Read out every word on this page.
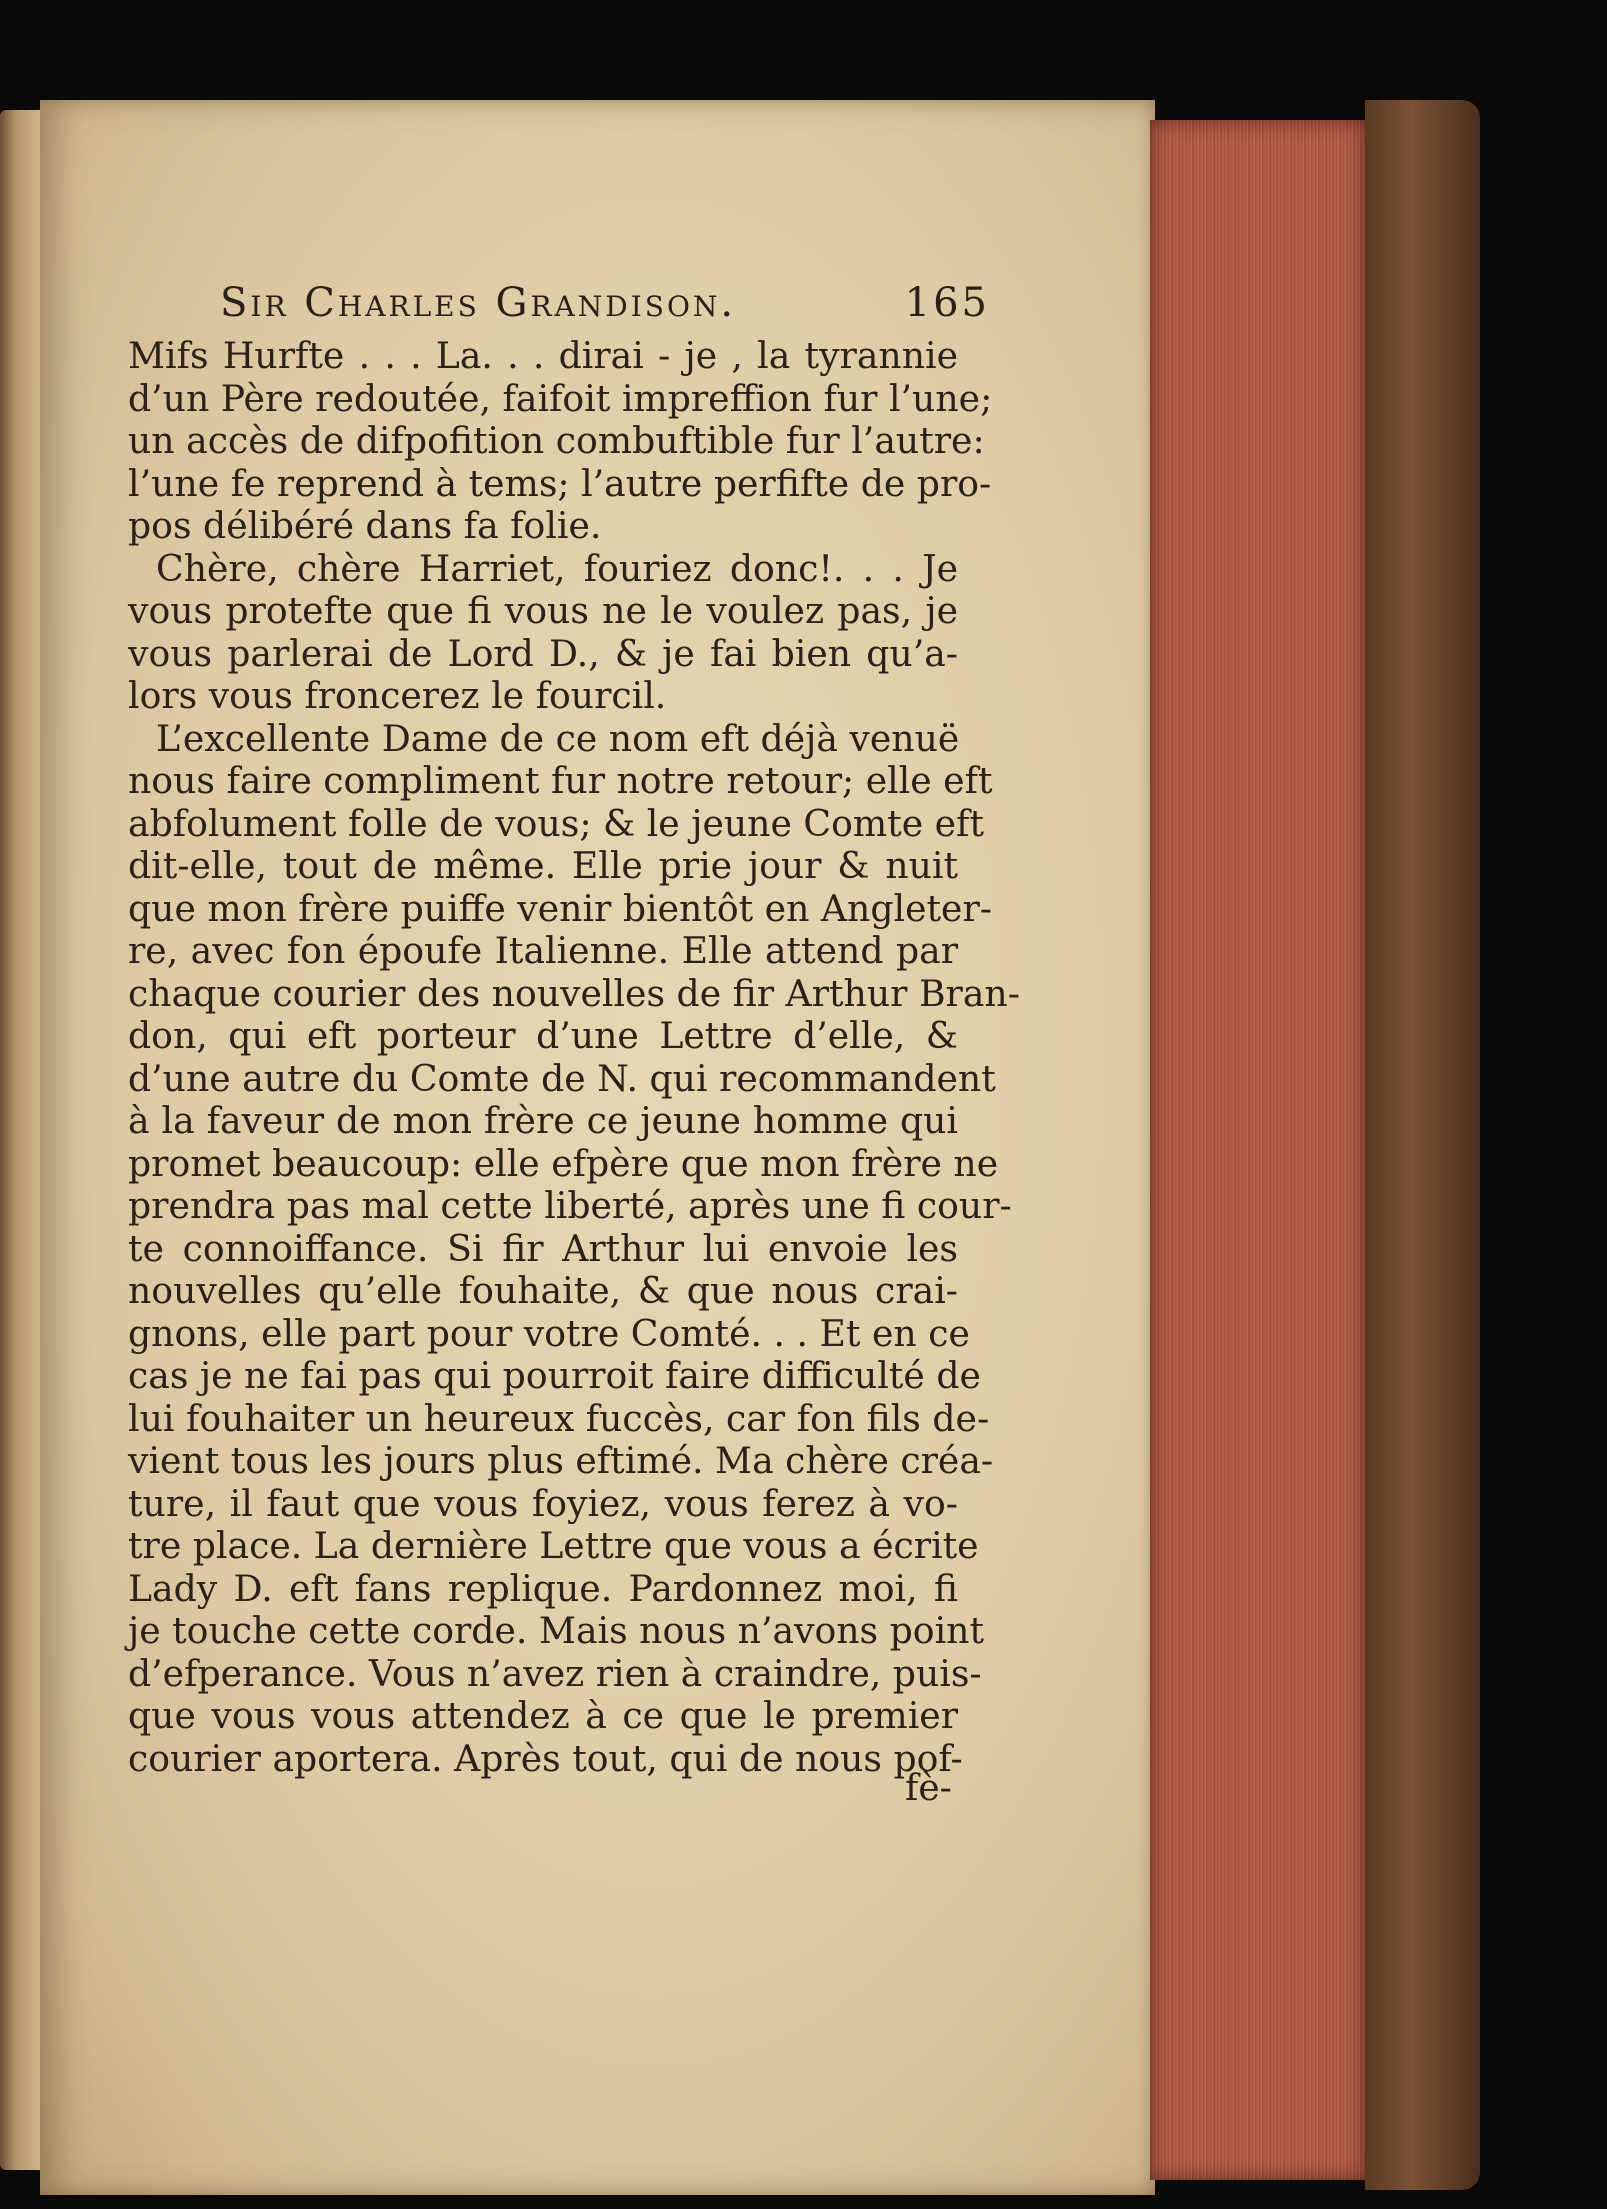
Sir Charles Grandison.	165
Mifs Hurfte . . . La. . . dirai - je , la tyrannie
d’un Père redoutée, faifoit impreffion fur l’une;
un accès de difpofition combuftible fur l’autre:
l’une fe reprend à tems; l’autre perfifte de pro-
pos délibéré dans fa folie.
Chère, chère Harriet, fouriez donc!. . . Je
vous protefte que fi vous ne le voulez pas, je
vous parlerai de Lord D., & je fai bien qu’a-
lors vous froncerez le fourcil.
L’excellente Dame de ce nom eft déjà venuë
nous faire compliment fur notre retour; elle eft
abfolument folle de vous; & le jeune Comte eft
dit-elle, tout de même. Elle prie jour & nuit
que mon frère puiffe venir bientôt en Angleter-
re, avec fon époufe Italienne. Elle attend par
chaque courier des nouvelles de fir Arthur Bran-
don, qui eft porteur d’une Lettre d’elle, &
d’une autre du Comte de N. qui recommandent
à la faveur de mon frère ce jeune homme qui
promet beaucoup: elle efpère que mon frère ne
prendra pas mal cette liberté, après une fi cour-
te connoiffance. Si fir Arthur lui envoie les
nouvelles qu’elle fouhaite, & que nous crai-
gnons, elle part pour votre Comté. . . Et en ce
cas je ne fai pas qui pourroit faire difficulté de
lui fouhaiter un heureux fuccès, car fon fils de-
vient tous les jours plus eftimé. Ma chère créa-
ture, il faut que vous foyiez, vous ferez à vo-
tre place. La dernière Lettre que vous a écrite
Lady D. eft fans replique. Pardonnez moi, fi
je touche cette corde. Mais nous n’avons point
d’efperance. Vous n’avez rien à craindre, puis-
que vous vous attendez à ce que le premier
courier aportera. Après tout, qui de nous pof-
fè-
